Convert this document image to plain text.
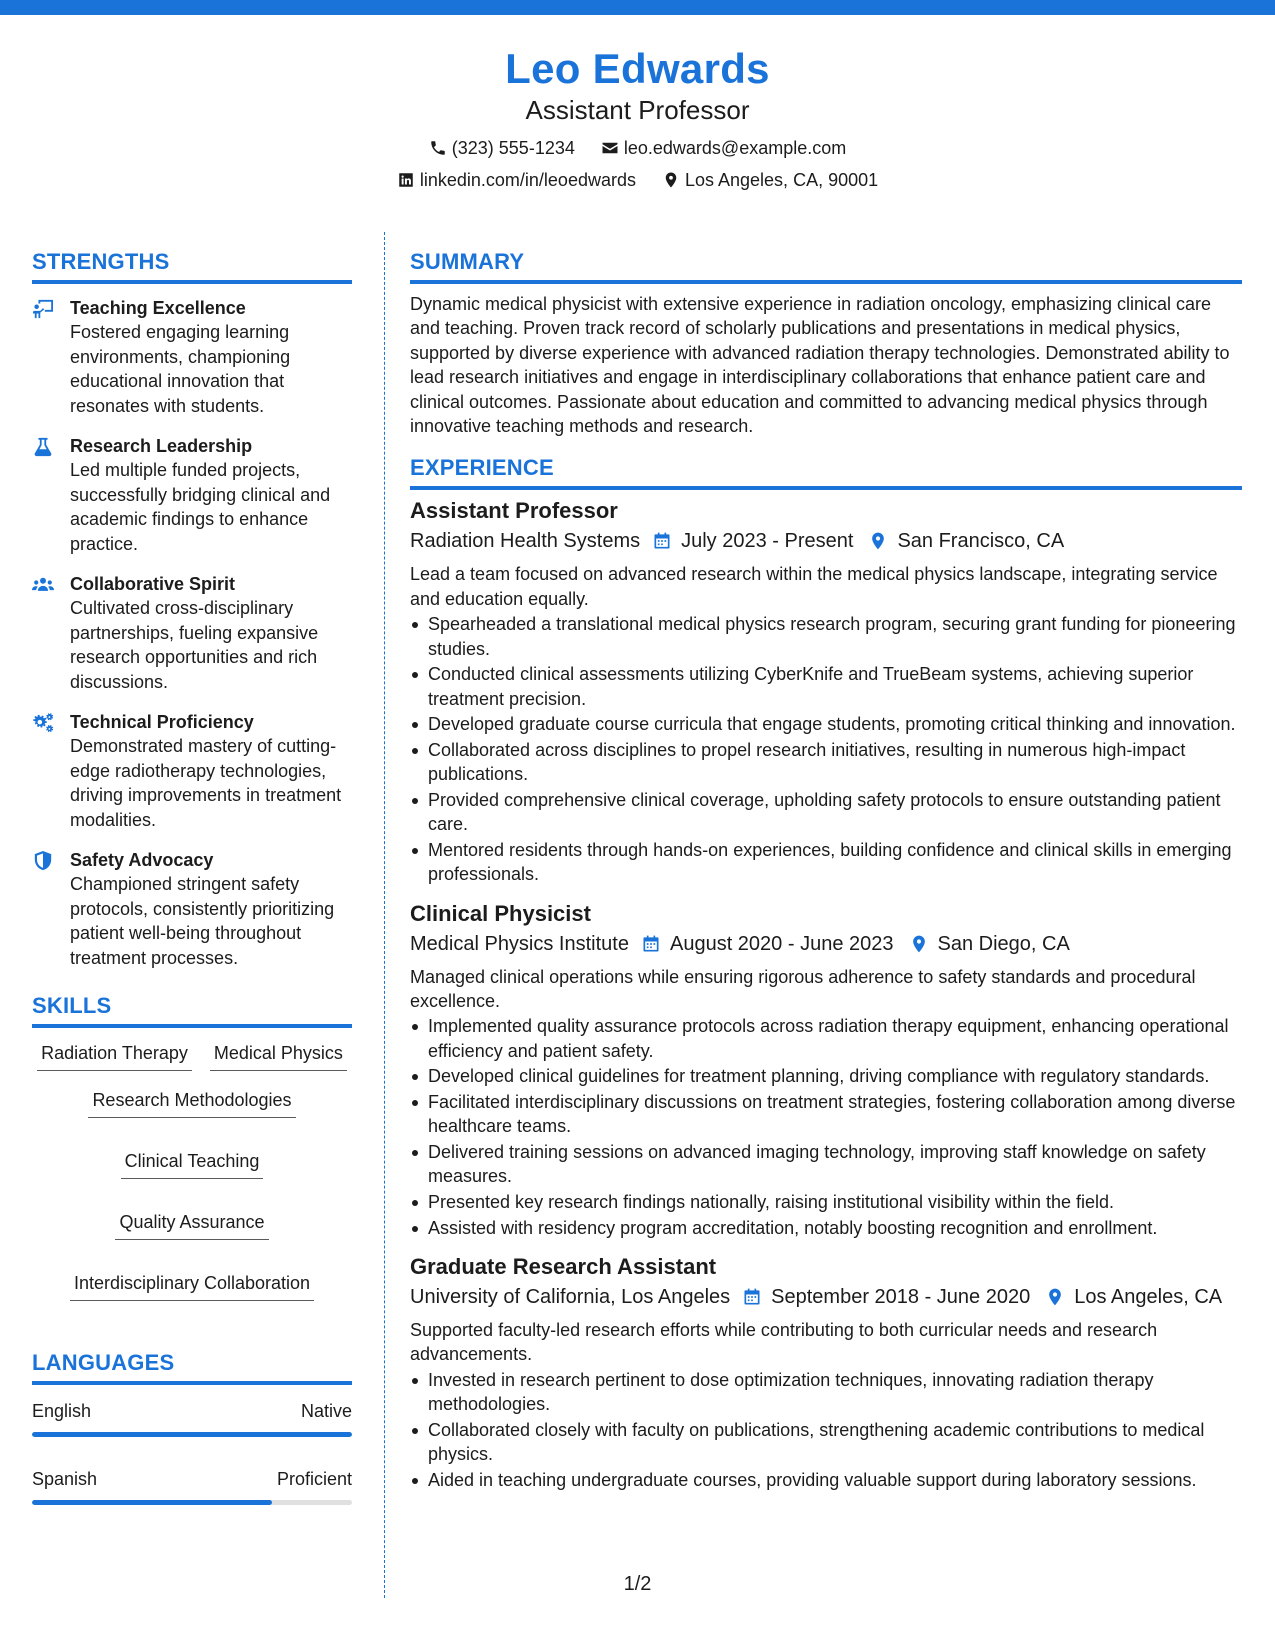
Leo Edwards
Assistant Professor
(323) 555-1234	leo.edwards@example.com
linkedin.com/in/leoedwards	Los Angeles, CA, 90001
STRENGTHS
Teaching Excellence
Fostered engaging learning environments, championing educational innovation that resonates with students.
Research Leadership
Led multiple funded projects, successfully bridging clinical and academic findings to enhance practice.
Collaborative Spirit
Cultivated cross-disciplinary partnerships, fueling expansive research opportunities and rich discussions.
Technical Proficiency
Demonstrated mastery of cutting-edge radiotherapy technologies, driving improvements in treatment modalities.
Safety Advocacy
Championed stringent safety protocols, consistently prioritizing patient well-being throughout treatment processes.
SKILLS
Radiation Therapy Medical Physics
Research Methodologies
Clinical Teaching
Quality Assurance
Interdisciplinary Collaboration
LANGUAGES
English	Native
Spanish	Proficient
SUMMARY
Dynamic medical physicist with extensive experience in radiation oncology, emphasizing clinical care and teaching. Proven track record of scholarly publications and presentations in medical physics, supported by diverse experience with advanced radiation therapy technologies. Demonstrated ability to lead research initiatives and engage in interdisciplinary collaborations that enhance patient care and clinical outcomes. Passionate about education and committed to advancing medical physics through innovative teaching methods and research.
EXPERIENCE
Assistant Professor
Radiation Health Systems July 2023 - Present San Francisco, CA
Lead a team focused on advanced research within the medical physics landscape, integrating service and education equally.
Spearheaded a translational medical physics research program, securing grant funding for pioneering studies.
Conducted clinical assessments utilizing CyberKnife and TrueBeam systems, achieving superior treatment precision.
Developed graduate course curricula that engage students, promoting critical thinking and innovation.
Collaborated across disciplines to propel research initiatives, resulting in numerous high-impact publications.
Provided comprehensive clinical coverage, upholding safety protocols to ensure outstanding patient care.
Mentored residents through hands-on experiences, building confidence and clinical skills in emerging professionals.
Clinical Physicist
Medical Physics Institute August 2020 - June 2023 San Diego, CA
Managed clinical operations while ensuring rigorous adherence to safety standards and procedural excellence.
Implemented quality assurance protocols across radiation therapy equipment, enhancing operational efficiency and patient safety.
Developed clinical guidelines for treatment planning, driving compliance with regulatory standards.
Facilitated interdisciplinary discussions on treatment strategies, fostering collaboration among diverse healthcare teams.
Delivered training sessions on advanced imaging technology, improving staff knowledge on safety measures.
Presented key research findings nationally, raising institutional visibility within the field.
Assisted with residency program accreditation, notably boosting recognition and enrollment.
Graduate Research Assistant
University of California, Los Angeles September 2018 - June 2020 Los Angeles, CA
Supported faculty-led research efforts while contributing to both curricular needs and research advancements.
Invested in research pertinent to dose optimization techniques, innovating radiation therapy methodologies.
Collaborated closely with faculty on publications, strengthening academic contributions to medical physics.
Aided in teaching undergraduate courses, providing valuable support during laboratory sessions.
1/2
